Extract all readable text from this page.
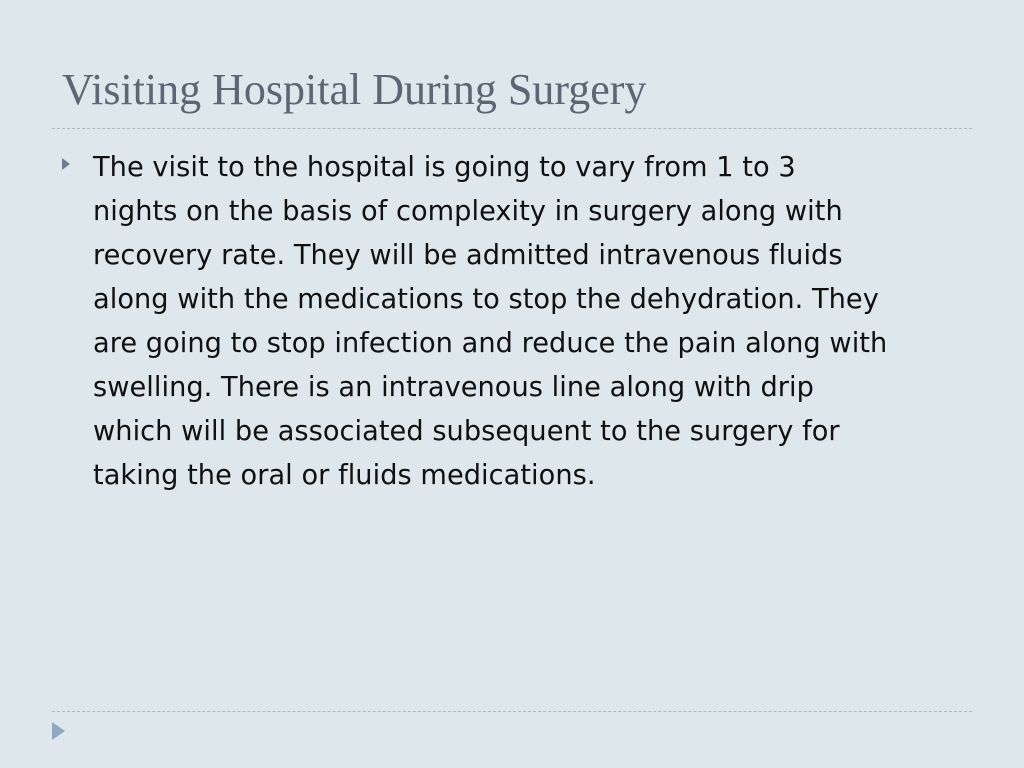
Visiting Hospital During Surgery
The visit to the hospital is going to vary from 1 to 3
nights on the basis of complexity in surgery along with
recovery rate. They will be admitted intravenous fluids
along with the medications to stop the dehydration. They
are going to stop infection and reduce the pain along with
swelling. There is an intravenous line along with drip
which will be associated subsequent to the surgery for
taking the oral or fluids medications.
